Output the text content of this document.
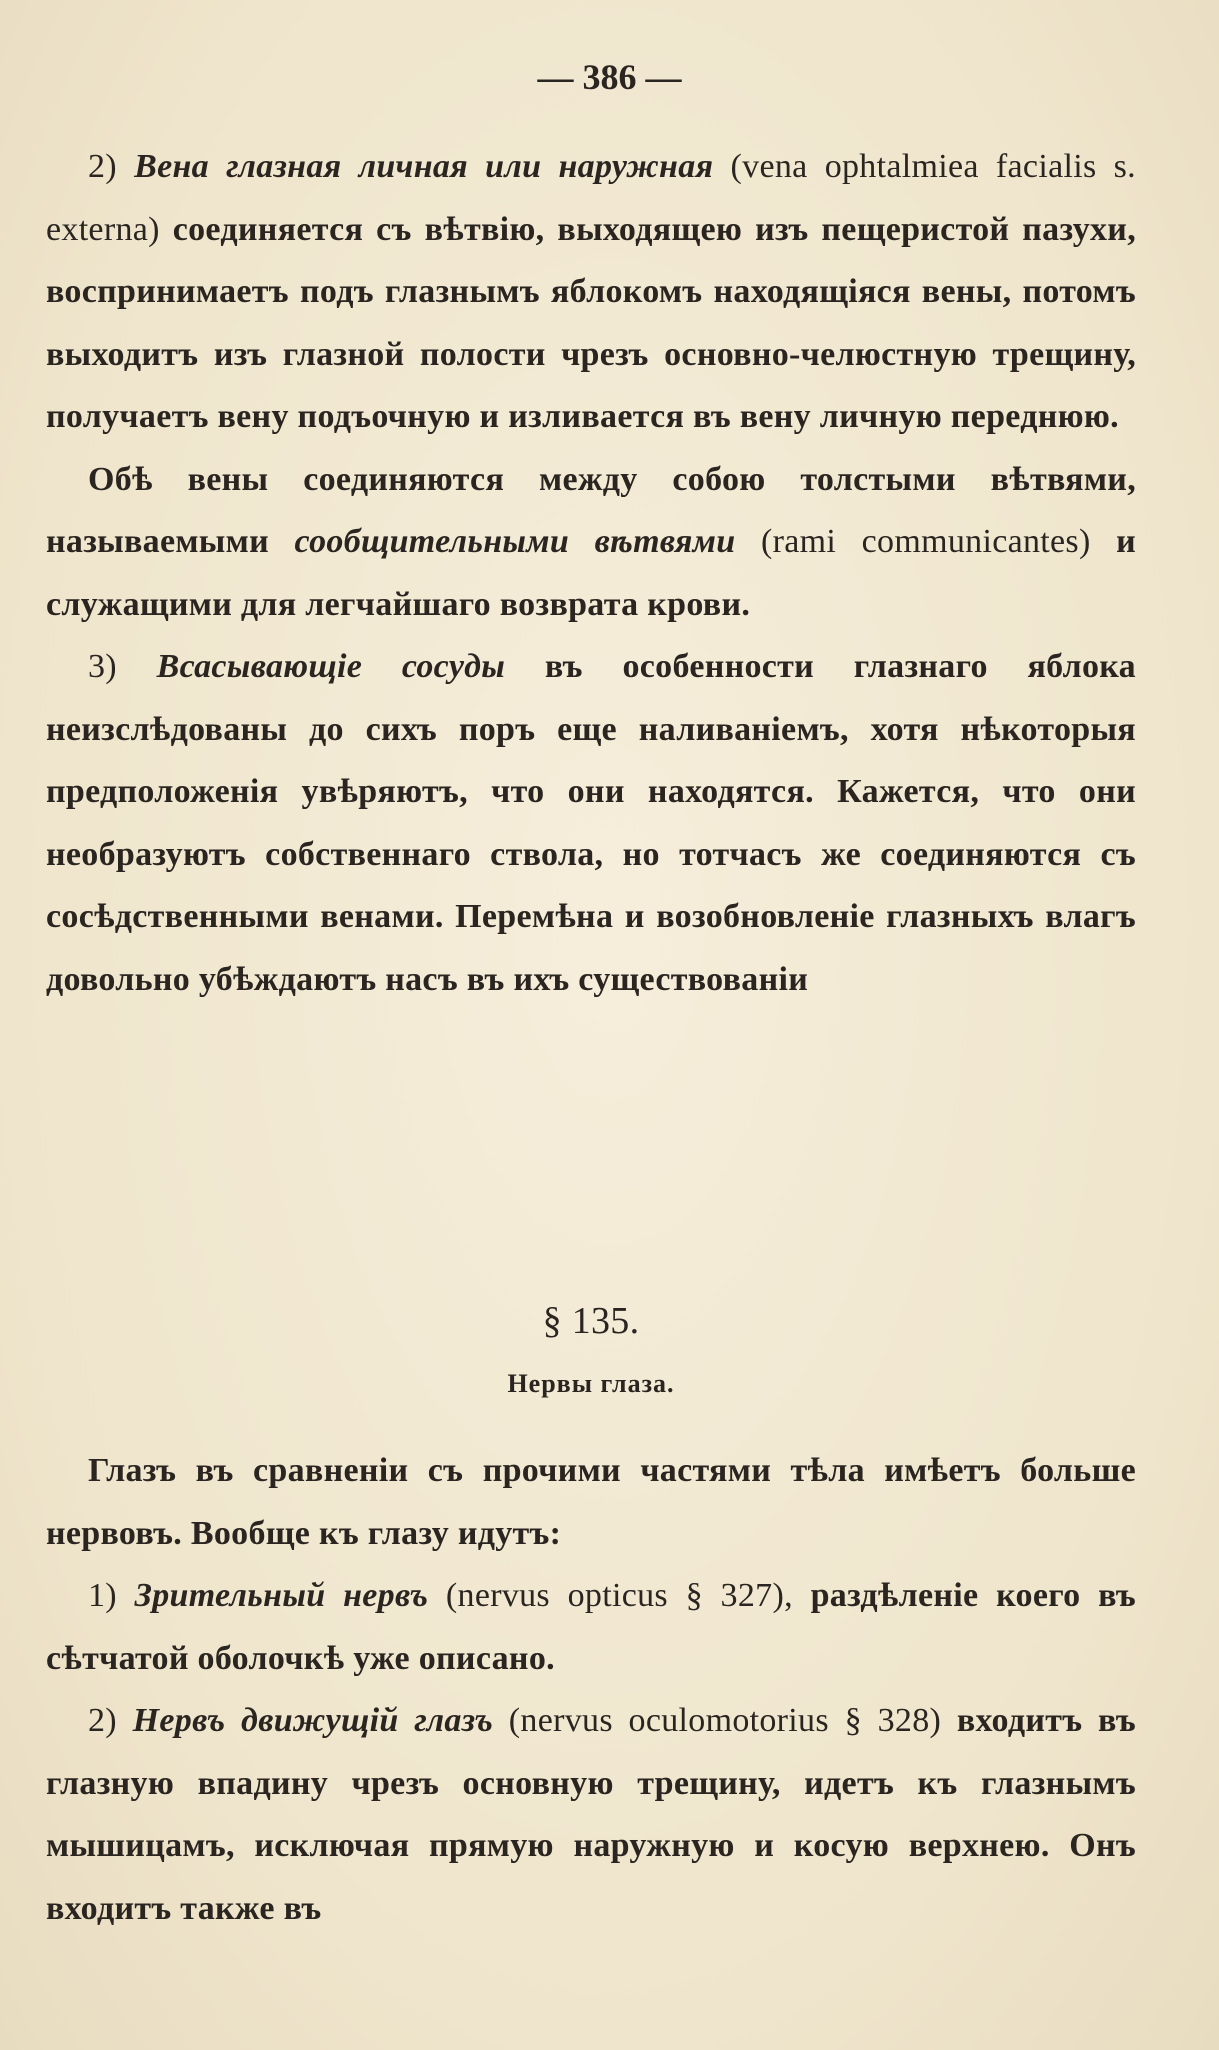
— 386 —

2) Вена глазная личная или наружная (vena ophtalmiea facialis s. externa) соединяется съ вѣтвію, выходящею изъ пещеристой пазухи, воспринимаетъ подъ глазнымъ яблокомъ находящіяся вены, потомъ выходитъ изъ глазной полости чрезъ основно-челюстную трещину, получаетъ вену подъочную и изливается въ вену личную переднюю.

Обѣ вены соединяются между собою толстыми вѣтвями, называемыми сообщительными вѣтвями (rami communicantes) и служащими для легчайшаго возврата крови.

3) Всасывающіе сосуды въ особенности глазнаго яблока неизслѣдованы до сихъ поръ еще наливаніемъ, хотя нѣкоторыя предположенія увѣряютъ, что они находятся. Кажется, что они необразуютъ собственнаго ствола, но тотчасъ же соединяются съ сосѣдственными венами. Перемѣна и возобновленіе глазныхъ влагъ довольно убѣждаютъ насъ въ ихъ существованіи

§ 135.

Нервы глаза.

Глазъ въ сравненіи съ прочими частями тѣла имѣетъ больше нервовъ. Вообще къ глазу идутъ:

1) Зрительный нервъ (nervus opticus § 327), раздѣленіе коего въ сѣтчатой оболочкѣ уже описано.

2) Нервъ движущій глазъ (nervus oculomotorius § 328) входитъ въ глазную впадину чрезъ основную трещину, идетъ къ глазнымъ мышицамъ, исключая прямую наружную и косую верхнею. Онъ входитъ также въ
